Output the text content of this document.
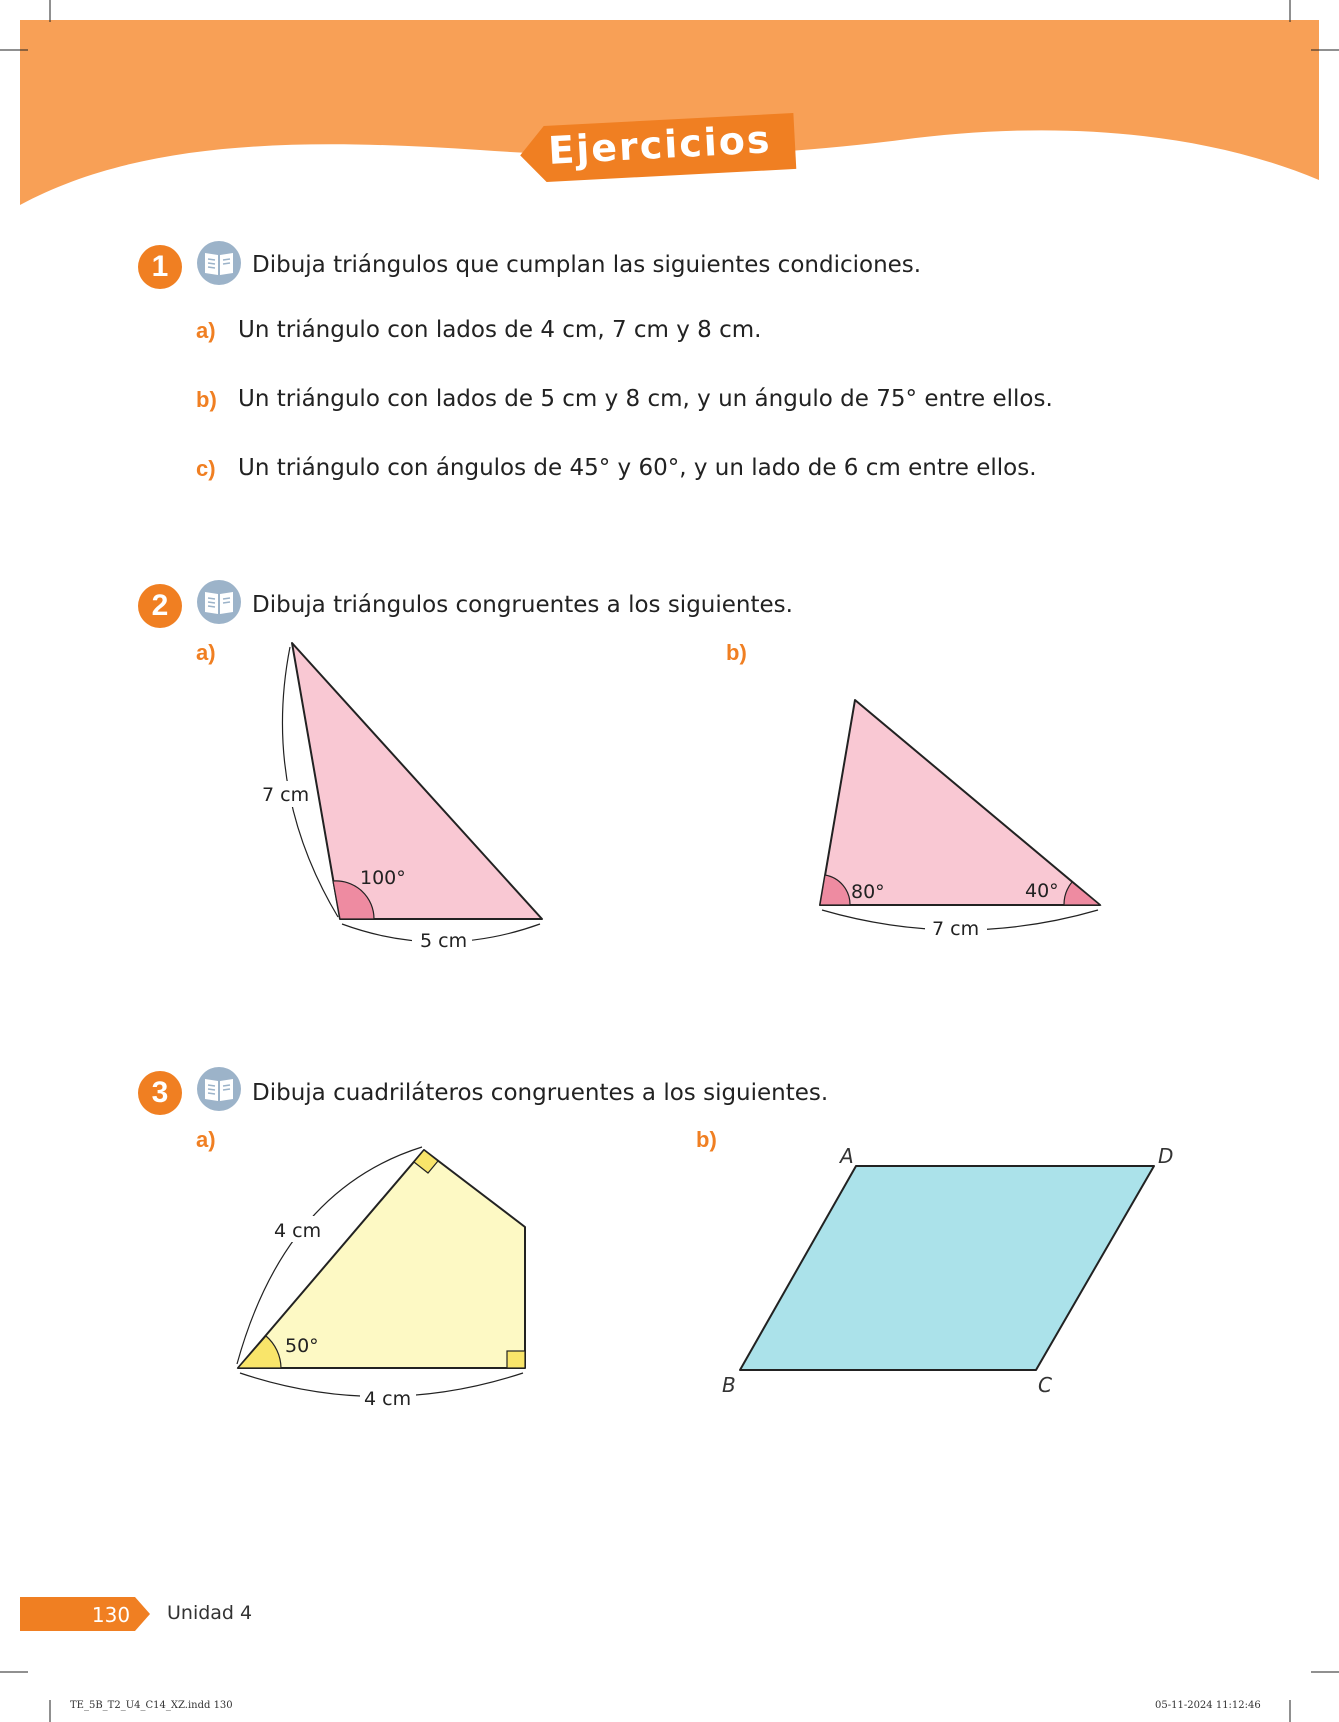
Ejercicios
1	Dibuja triángulos que cumplan las siguientes condiciones.
a) Un triángulo con lados de 4 cm, 7 cm y 8 cm.
b) Un triángulo con lados de 5 cm y 8 cm, y un ángulo de 75° entre ellos.
c) Un triángulo con ángulos de 45° y 60°, y un lado de 6 cm entre ellos.
2	Dibuja triángulos congruentes a los siguientes.
a)	b)
7 cm
5 cm
100°
7 cm
80°	40°
4 cm
4 cm
50°
A	D
B	C
130
3	Dibuja cuadriláteros congruentes a los siguientes.
a)	b)
Unidad 4
TE_5B_T2_U4_C14_XZ.indd 130	05-11-2024 11:12:46
